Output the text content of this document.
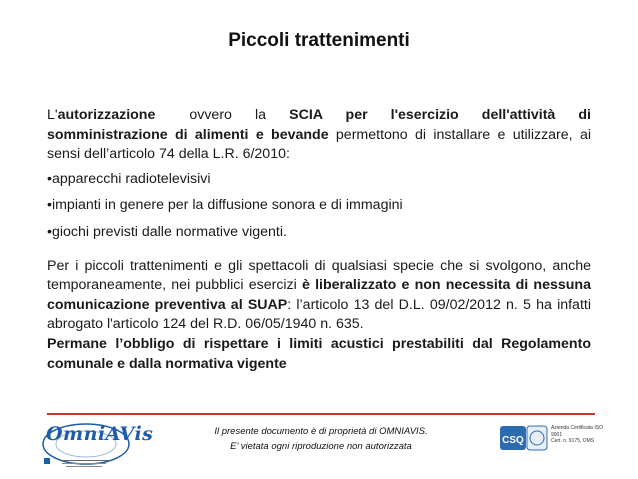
Piccoli trattenimenti

L'autorizzazione ovvero la SCIA per l'esercizio dell'attività di somministrazione di alimenti e bevande permettono di installare e utilizzare, ai sensi dell’articolo 74 della L.R. 6/2010:

•apparecchi radiotelevisivi

•impianti in genere per la diffusione sonora e di immagini

•giochi previsti dalle normative vigenti.

Per i piccoli trattenimenti e gli spettacoli di qualsiasi specie che si svolgono, anche temporaneamente, nei pubblici esercizi è liberalizzato e non necessita di nessuna comunicazione preventiva al SUAP: l’articolo 13 del D.L. 09/02/2012 n. 5 ha infatti abrogato l'articolo 124 del R.D. 06/05/1940 n. 635.

Permane l’obbligo di rispettare i limiti acustici prestabiliti dal Regolamento comunale e dalla normativa vigente

OmniAVis	Il presente documento è di proprietà di OMNIAVIS.
E’ vietata ogni riproduzione non autorizzata
CSQ
Azienda Certificata ISO 9001
Cert. n. 9175, OMS
